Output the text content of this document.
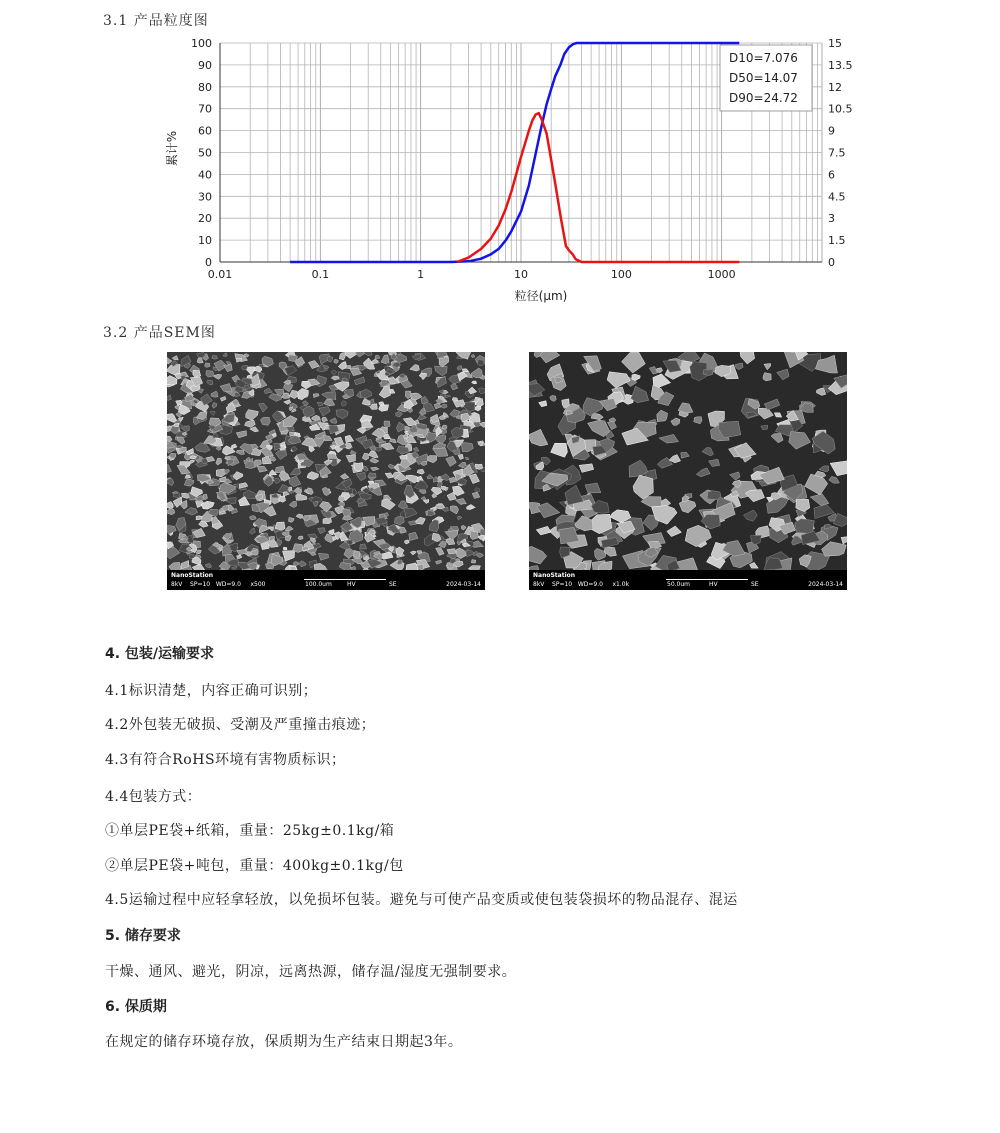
3.1 产品粒度图
0
10
20
30
40
50
60
70
80
90
100
0
1.5
3
4.5
6
7.5
9
10.5
12
13.5
15
0.01	0.1	1	10	100	1000
粒径(μm)
累计%
D10=7.076
D50=14.07
D90=24.72
3.2 产品SEM图
NanoStation
8kV    SP=10   WD=9.0     x500	100.0um	HV	SE	2024-03-14
NanoStation
8kV    SP=10   WD=9.0     x1.0k	50.0um	HV	SE	2024-03-14
4. 包装/运输要求
4.1标识清楚，内容正确可识别；
4.2外包装无破损、受潮及严重撞击痕迹；
4.3有符合RoHS环境有害物质标识；
4.4包装方式：
①单层PE袋+纸箱，重量：25kg±0.1kg/箱
②单层PE袋+吨包，重量：400kg±0.1kg/包
4.5运输过程中应轻拿轻放，以免损坏包装。避免与可使产品变质或使包装袋损坏的物品混存、混运
5. 储存要求
干燥、通风、避光，阴凉，远离热源，储存温/湿度无强制要求。
6. 保质期
在规定的储存环境存放，保质期为生产结束日期起3年。
